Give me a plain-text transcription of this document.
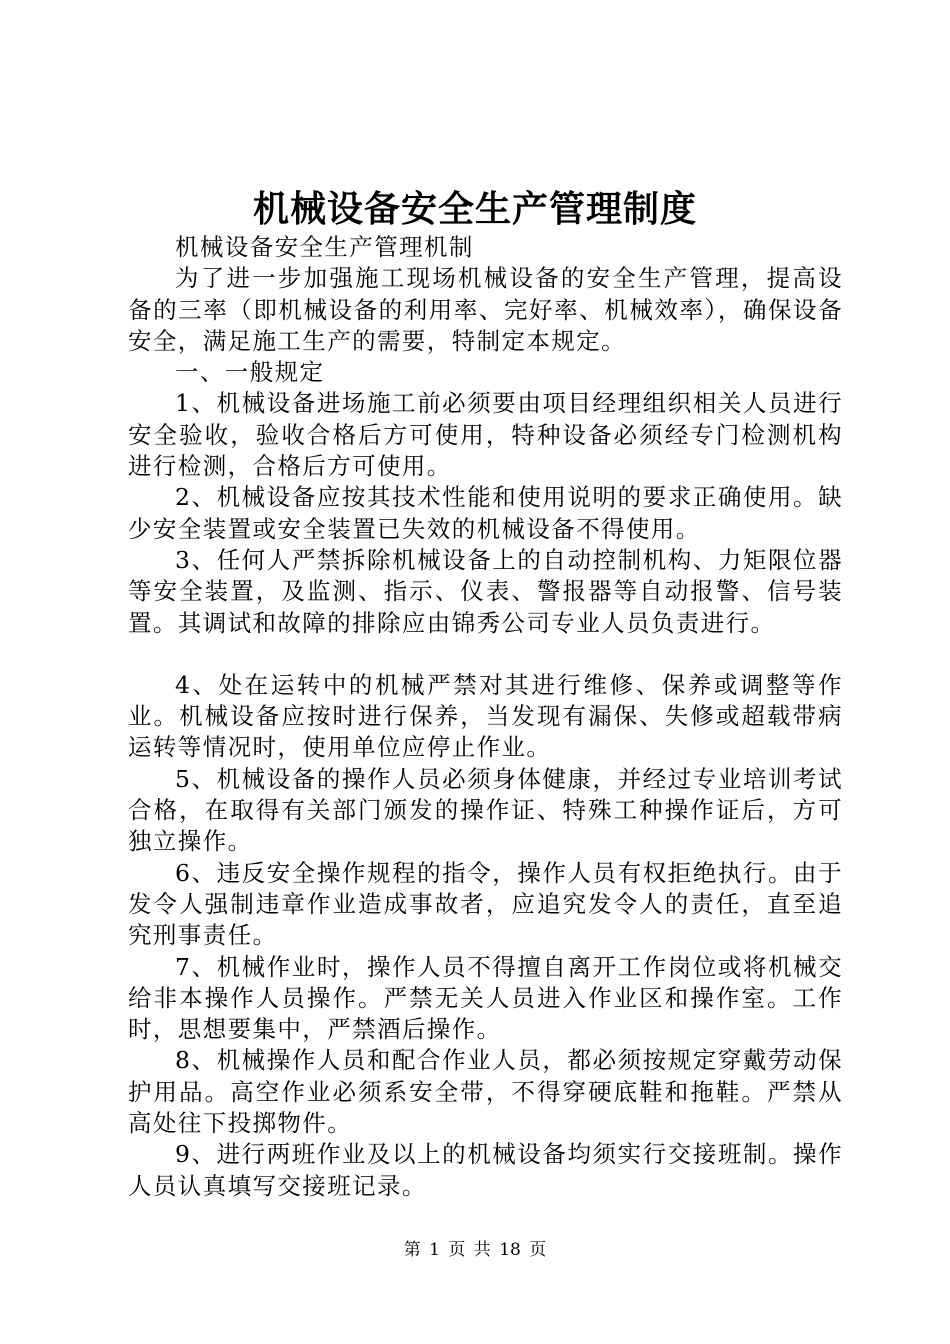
机械设备安全生产管理制度

机械设备安全生产管理机制

为了进一步加强施工现场机械设备的安全生产管理，提高设备的三率（即机械设备的利用率、完好率、机械效率），确保设备安全，满足施工生产的需要，特制定本规定。

一、一般规定

1、机械设备进场施工前必须要由项目经理组织相关人员进行安全验收，验收合格后方可使用，特种设备必须经专门检测机构进行检测，合格后方可使用。

2、机械设备应按其技术性能和使用说明的要求正确使用。缺少安全装置或安全装置已失效的机械设备不得使用。

3、任何人严禁拆除机械设备上的自动控制机构、力矩限位器等安全装置，及监测、指示、仪表、警报器等自动报警、信号装置。其调试和故障的排除应由锦秀公司专业人员负责进行。

4、处在运转中的机械严禁对其进行维修、保养或调整等作业。机械设备应按时进行保养，当发现有漏保、失修或超载带病运转等情况时，使用单位应停止作业。

5、机械设备的操作人员必须身体健康，并经过专业培训考试合格，在取得有关部门颁发的操作证、特殊工种操作证后，方可独立操作。

6、违反安全操作规程的指令，操作人员有权拒绝执行。由于发令人强制违章作业造成事故者，应追究发令人的责任，直至追究刑事责任。

7、机械作业时，操作人员不得擅自离开工作岗位或将机械交给非本操作人员操作。严禁无关人员进入作业区和操作室。工作时，思想要集中，严禁酒后操作。

8、机械操作人员和配合作业人员，都必须按规定穿戴劳动保护用品。高空作业必须系安全带，不得穿硬底鞋和拖鞋。严禁从高处往下投掷物件。

9、进行两班作业及以上的机械设备均须实行交接班制。操作人员认真填写交接班记录。

第 1 页 共 18 页
